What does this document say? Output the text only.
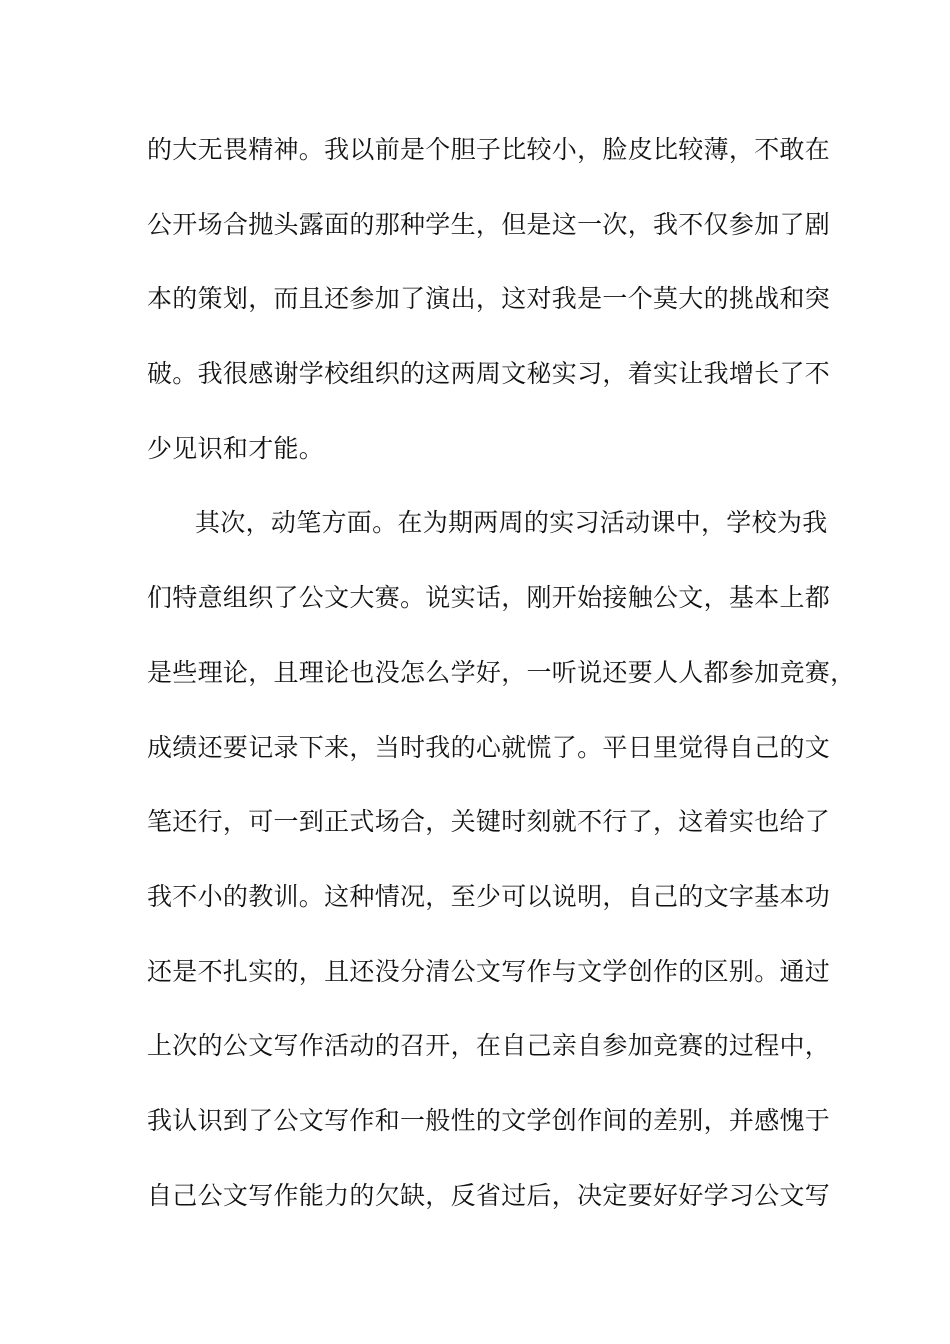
的大无畏精神。我以前是个胆子比较小，脸皮比较薄，不敢在
公开场合抛头露面的那种学生，但是这一次，我不仅参加了剧
本的策划，而且还参加了演出，这对我是一个莫大的挑战和突
破。我很感谢学校组织的这两周文秘实习，着实让我增长了不
少见识和才能。
其次，动笔方面。在为期两周的实习活动课中，学校为我
们特意组织了公文大赛。说实话，刚开始接触公文，基本上都
是些理论，且理论也没怎么学好，一听说还要人人都参加竞赛，
成绩还要记录下来，当时我的心就慌了。平日里觉得自己的文
笔还行，可一到正式场合，关键时刻就不行了，这着实也给了
我不小的教训。这种情况，至少可以说明，自己的文字基本功
还是不扎实的，且还没分清公文写作与文学创作的区别。通过
上次的公文写作活动的召开，在自己亲自参加竞赛的过程中，
我认识到了公文写作和一般性的文学创作间的差别，并感愧于
自己公文写作能力的欠缺，反省过后，决定要好好学习公文写
